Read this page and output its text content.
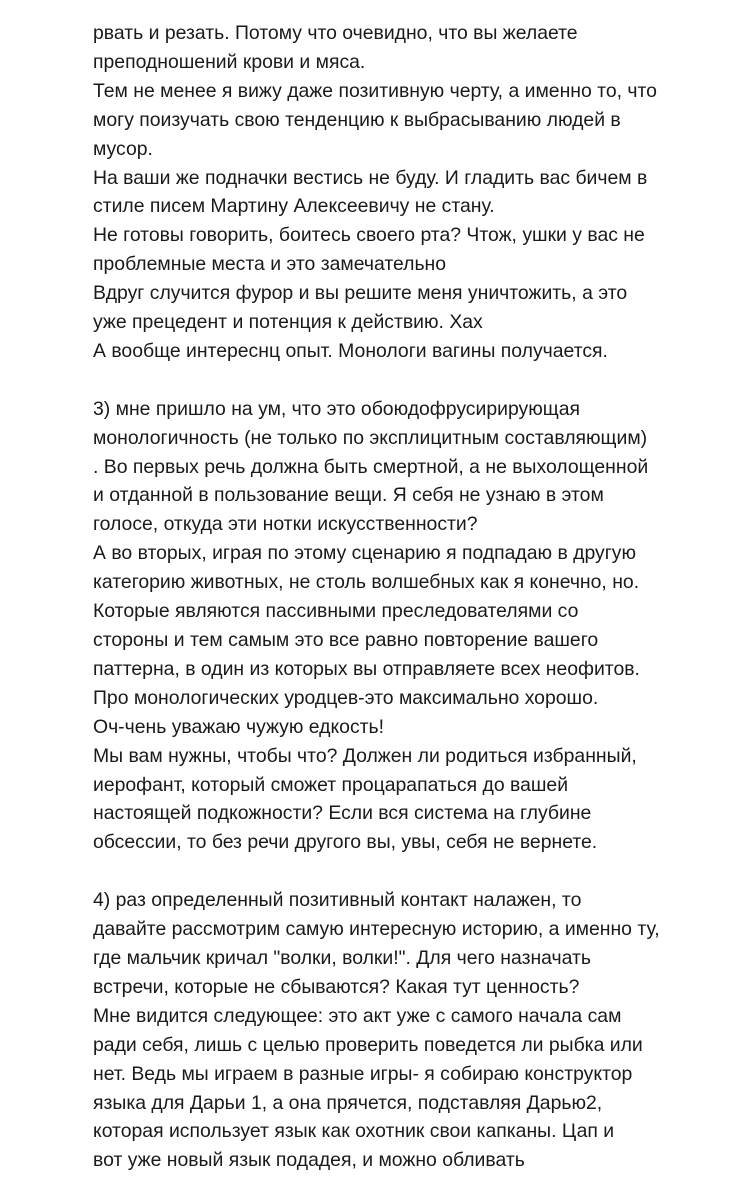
рвать и резать. Потому что очевидно, что вы желаете
преподношений крови и мяса.
Тем не менее я вижу даже позитивную черту, а именно то, что
могу поизучать свою тенденцию к выбрасыванию людей в
мусор.
На ваши же подначки вестись не буду. И гладить вас бичем в
стиле писем Мартину Алексеевичу не стану.
Не готовы говорить, боитесь своего рта? Чтож, ушки у вас не
проблемные места и это замечательно
Вдруг случится фурор и вы решите меня уничтожить, а это
уже прецедент и потенция к действию. Хах
А вообще интереснц опыт. Монологи вагины получается.
3) мне пришло на ум, что это обоюдофрусирирующая
монологичность (не только по эксплицитным составляющим)
. Во первых речь должна быть смертной, а не выхолощенной
и отданной в пользование вещи. Я себя не узнаю в этом
голосе, откуда эти нотки искусственности?
А во вторых, играя по этому сценарию я подпадаю в другую
категорию животных, не столь волшебных как я конечно, но.
Которые являются пассивными преследователями со
стороны и тем самым это все равно повторение вашего
паттерна, в один из которых вы отправляете всех неофитов.
Про монологических уродцев-это максимально хорошо.
Оч-чень уважаю чужую едкость!
Мы вам нужны, чтобы что? Должен ли родиться избранный,
иерофант, который сможет процарапаться до вашей
настоящей подкожности? Если вся система на глубине
обсессии, то без речи другого вы, увы, себя не вернете.
4) раз определенный позитивный контакт налажен, то
давайте рассмотрим самую интересную историю, а именно ту,
где мальчик кричал "волки, волки!". Для чего назначать
встречи, которые не сбываются? Какая тут ценность?
Мне видится следующее: это акт уже с самого начала сам
ради себя, лишь с целью проверить поведется ли рыбка или
нет. Ведь мы играем в разные игры- я собираю конструктор
языка для Дарьи 1, а она прячется, подставляя Дарью2,
которая использует язык как охотник свои капканы. Цап и
вот уже новый язык подадея, и можно обливать
